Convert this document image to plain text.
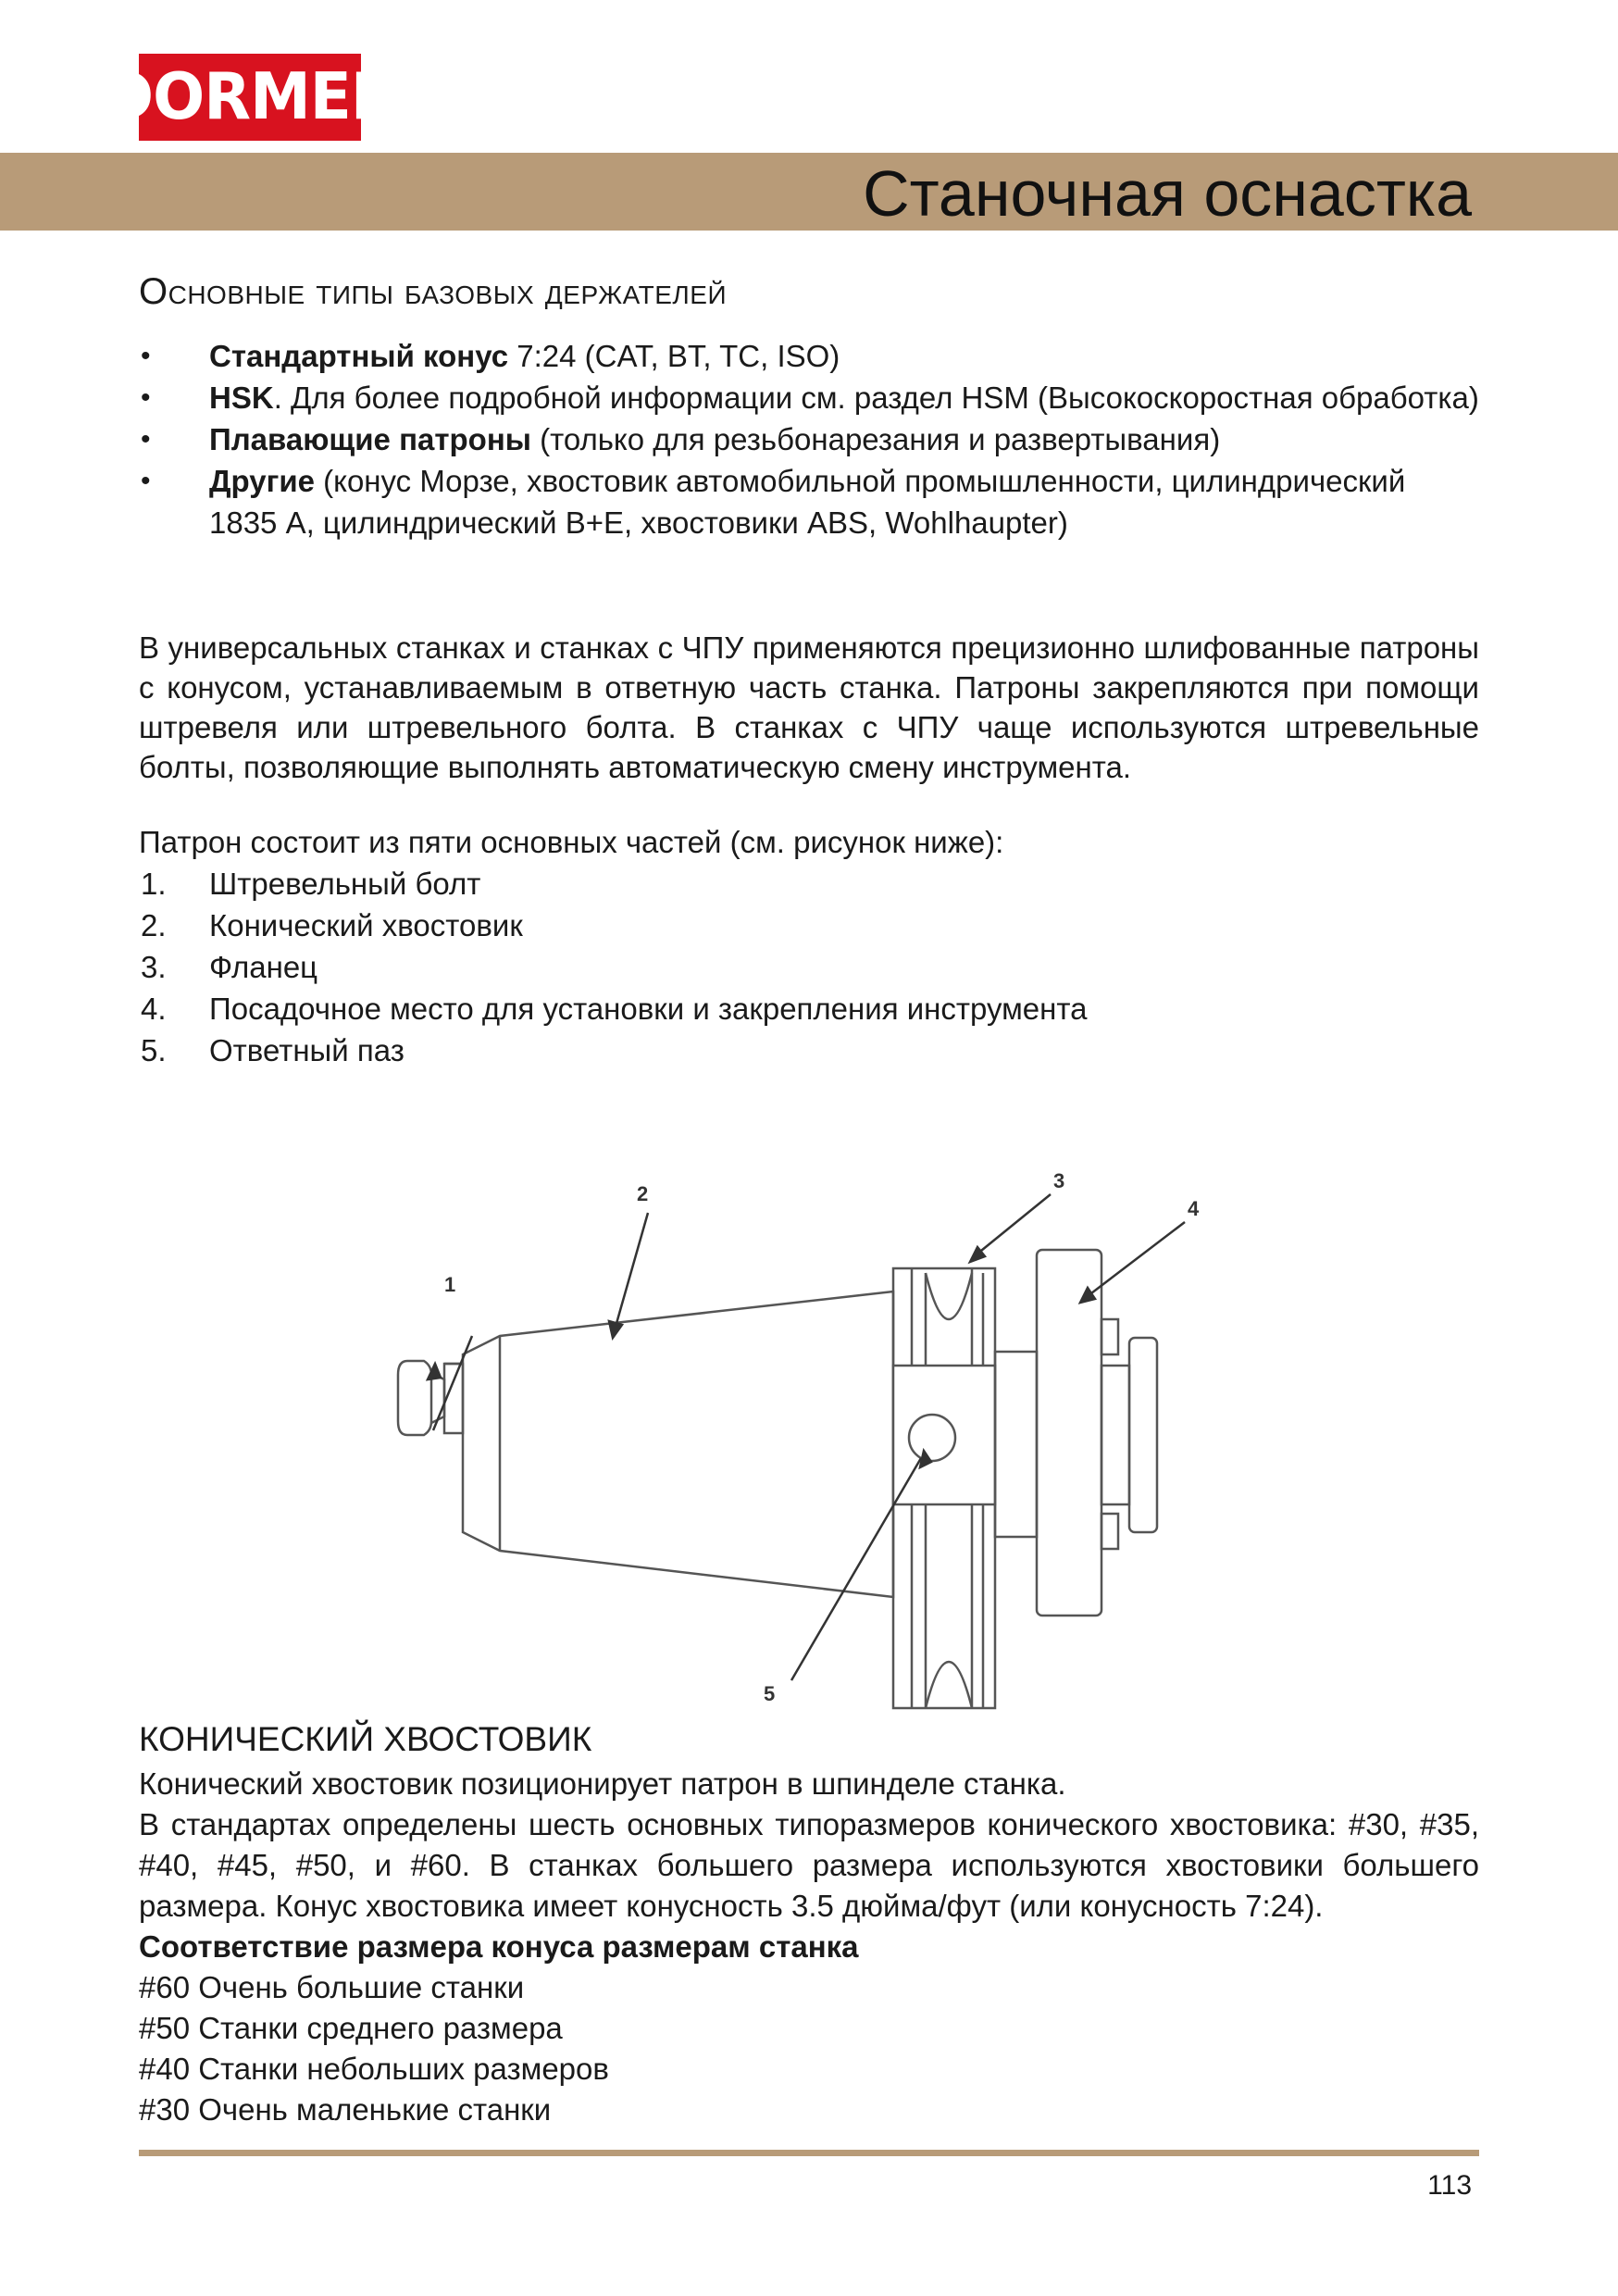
DORMER
Станочная оснастка
Основные типы базовых держателей
• Стандартный конус 7:24 (CAT, BT, TC, ISO)
• HSK. Для более подробной информации см. раздел HSM (Высокоскоростная обработка)
• Плавающие патроны (только для резьбонарезания и развертывания)
• Другие (конус Морзе, хвостовик автомобильной промышленности, цилиндрический 1835 А, цилиндрический В+Е, хвостовики ABS, Wohlhaupter)
В универсальных станках и станках с ЧПУ применяются прецизионно шлифованные патроны с конусом, устанавливаемым в ответную часть станка. Патроны закрепляются при помощи штревеля или штревельного болта. В станках с ЧПУ чаще используются штревельные болты, позволяющие выполнять автоматическую смену инструмента.
Патрон состоит из пяти основных частей (см. рисунок ниже):
1. Штревельный болт
2. Конический хвостовик
3. Фланец
4. Посадочное место для установки и закрепления инструмента
5. Ответный паз
1
2
3
4
5
КОНИЧЕСКИЙ ХВОСТОВИК
Конический хвостовик позиционирует патрон в шпинделе станка.
В стандартах определены шесть основных типоразмеров конического хвостовика: #30, #35, #40, #45, #50, и #60. В станках большего размера используются хвостовики большего размера. Конус хвостовика имеет конусность 3.5 дюйма/фут (или конусность 7:24).
Соответствие размера конуса размерам станка
#60 Очень большие станки
#50 Станки среднего размера
#40 Станки небольших размеров
#30 Очень маленькие станки
113
